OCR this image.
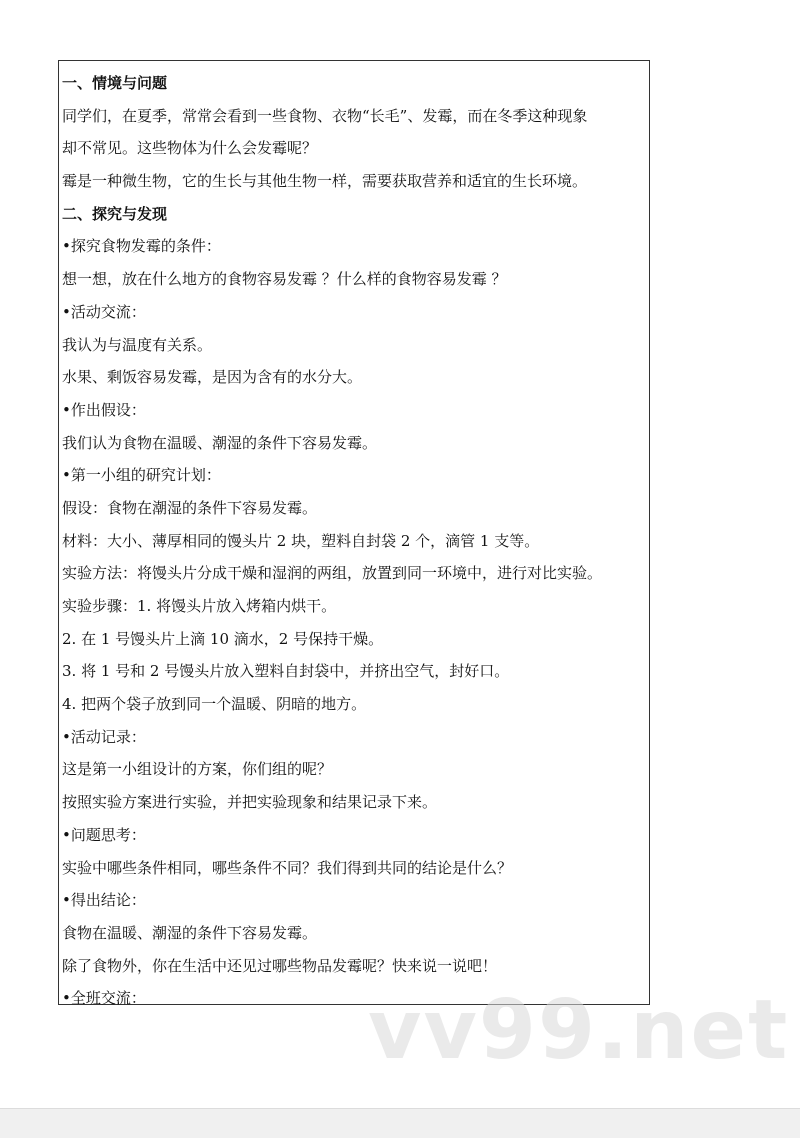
一、情境与问题
同学们，在夏季，常常会看到一些食物、衣物“长毛”、发霉，而在冬季这种现象
却不常见。这些物体为什么会发霉呢？
霉是一种微生物，它的生长与其他生物一样，需要获取营养和适宜的生长环境。
二、探究与发现
•探究食物发霉的条件：
想一想，放在什么地方的食物容易发霉 ？什么样的食物容易发霉 ？
•活动交流：
我认为与温度有关系。
水果、剩饭容易发霉，是因为含有的水分大。
•作出假设：
我们认为食物在温暖、潮湿的条件下容易发霉。
•第一小组的研究计划：
假设：食物在潮湿的条件下容易发霉。
材料：大小、薄厚相同的馒头片 2 块，塑料自封袋 2 个，滴管 1 支等。
实验方法：将馒头片分成干燥和湿润的两组，放置到同一环境中，进行对比实验。
实验步骤：1. 将馒头片放入烤箱内烘干。
2. 在 1 号馒头片上滴 10 滴水，2 号保持干燥。
3. 将 1 号和 2 号馒头片放入塑料自封袋中，并挤出空气，封好口。
4. 把两个袋子放到同一个温暖、阴暗的地方。
•活动记录：
这是第一小组设计的方案，你们组的呢？
按照实验方案进行实验，并把实验现象和结果记录下来。
•问题思考：
实验中哪些条件相同，哪些条件不同？我们得到共同的结论是什么？
•得出结论：
食物在温暖、潮湿的条件下容易发霉。
除了食物外，你在生活中还见过哪些物品发霉呢？快来说一说吧！
•全班交流：	vv99.net
